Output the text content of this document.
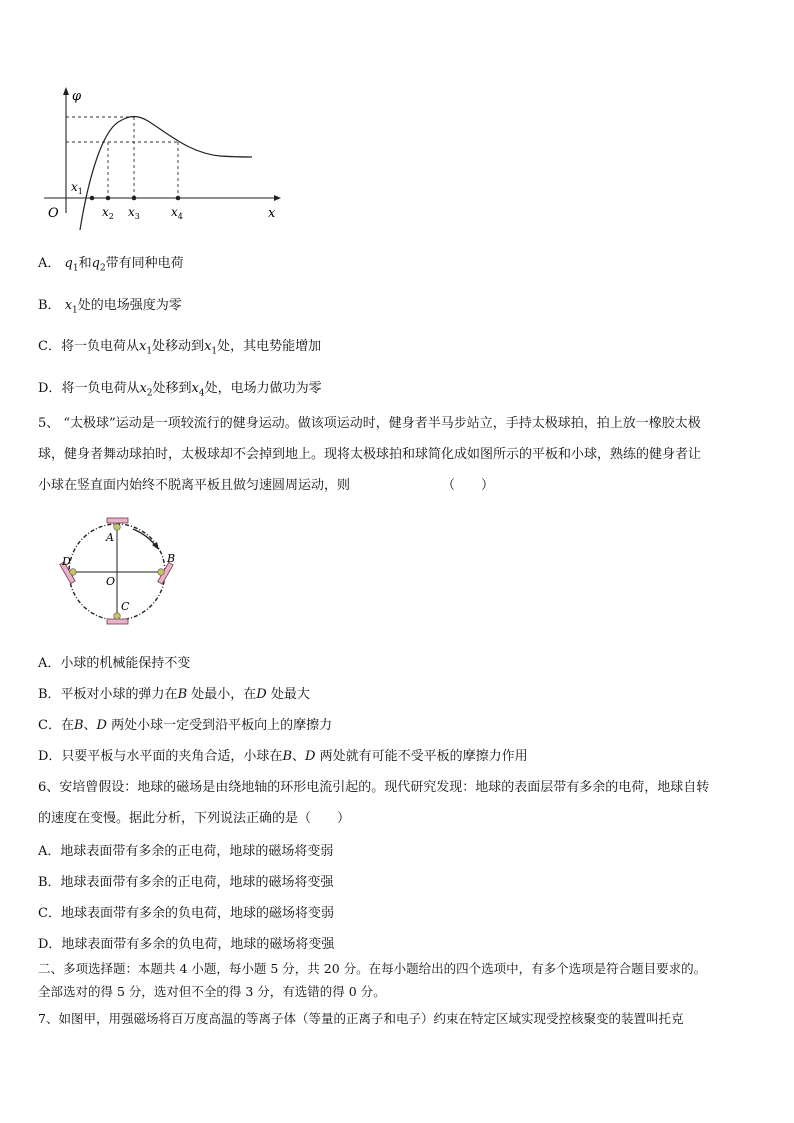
φ
x
O
$x_1$
$x_2$ $x_3$	$x_4$
A． $q_1$和$q_2$带有同种电荷
B． $x_1$处的电场强度为零
C．将一负电荷从$x_1$处移动到$x_1$处，其电势能增加
D．将一负电荷从$x_2$处移到$x_4$处，电场力做功为零
5、 “太极球”运动是一项较流行的健身运动。做该项运动时，健身者半马步站立，手持太极球拍，拍上放一橡胶太极
球，健身者舞动球拍时，太极球却不会掉到地上。现将太极球拍和球简化成如图所示的平板和小球，熟练的健身者让
小球在竖直面内始终不脱离平板且做匀速圆周运动，则	（　　）
A
B
C
D
O
A．小球的机械能保持不变
B．平板对小球的弹力在B 处最小，在D 处最大
C．在B、D 两处小球一定受到沿平板向上的摩擦力
D．只要平板与水平面的夹角合适，小球在B、D 两处就有可能不受平板的摩擦力作用
6、安培曾假设：地球的磁场是由绕地轴的环形电流引起的。现代研究发现：地球的表面层带有多余的电荷，地球自转
的速度在变慢。据此分析，下列说法正确的是（　　）
A．地球表面带有多余的正电荷，地球的磁场将变弱
B．地球表面带有多余的正电荷，地球的磁场将变强
C．地球表面带有多余的负电荷，地球的磁场将变弱
D．地球表面带有多余的负电荷，地球的磁场将变强
二、多项选择题：本题共 4 小题，每小题 5 分，共 20 分。在每小题给出的四个选项中，有多个选项是符合题目要求的。
全部选对的得 5 分，选对但不全的得 3 分，有选错的得 0 分。
7、如图甲，用强磁场将百万度高温的等离子体（等量的正离子和电子）约束在特定区域实现受控核聚变的装置叫托克
